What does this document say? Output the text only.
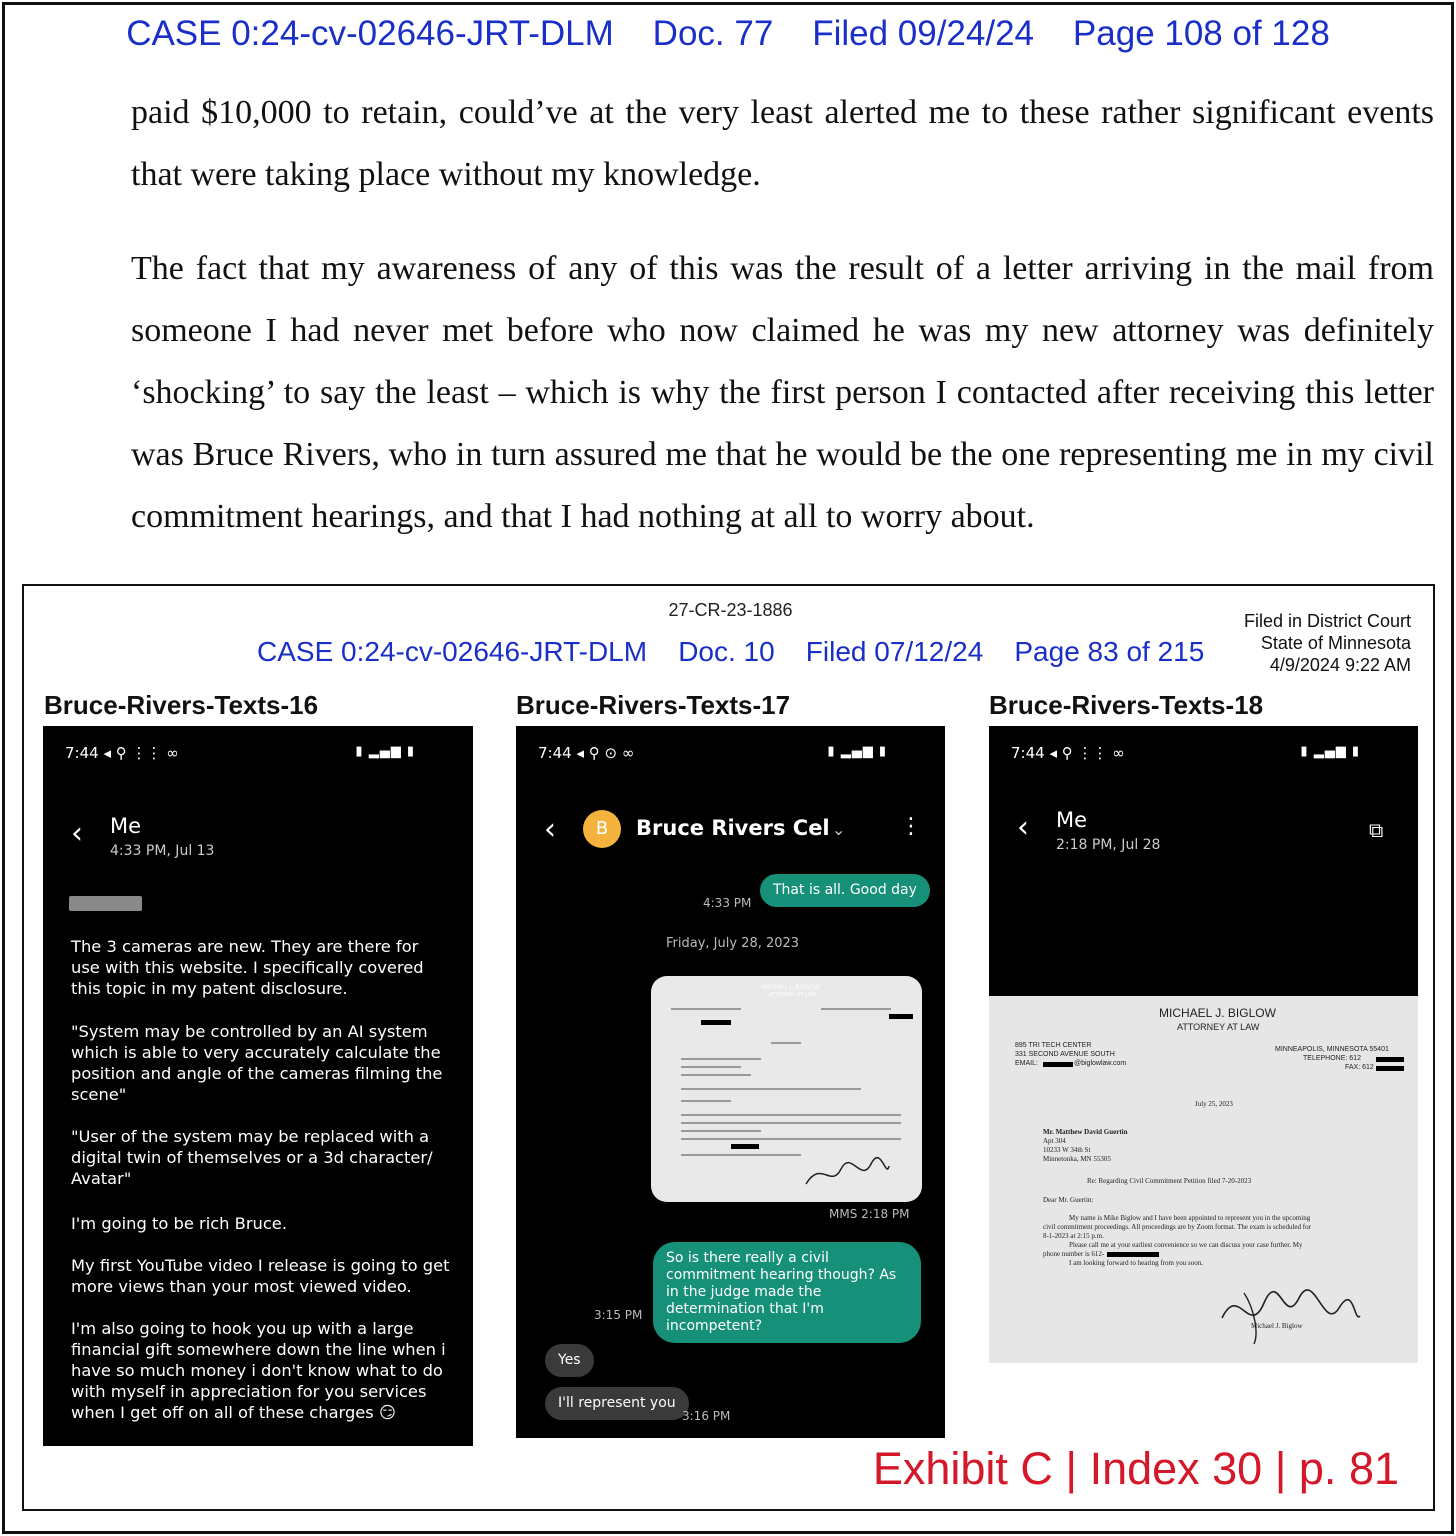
CASE 0:24-cv-02646-JRT-DLM    Doc. 77    Filed 09/24/24    Page 108 of 128

paid $10,000 to retain, could’ve at the very least alerted me to these rather significant events that were taking place without my knowledge.

The fact that my awareness of any of this was the result of a letter arriving in the mail from someone I had never met before who now claimed he was my new attorney was definitely ‘shocking’ to say the least – which is why the first person I contacted after receiving this letter was Bruce Rivers, who in turn assured me that he would be the one representing me in my civil commitment hearings, and that I had nothing at all to worry about.

27-CR-23-1886
CASE 0:24-cv-02646-JRT-DLM    Doc. 10    Filed 07/12/24    Page 83 of 215
Filed in District Court
State of Minnesota
4/9/2024 9:22 AM
Bruce-Rivers-Texts-16
7:44 ◂ ⚲ ⋮⋮ ∞	▮ ▂▄▆ ▮
‹ Me
4:33 PM, Jul 13
The 3 cameras are new. They are there for use with this website. I specifically covered this topic in my patent disclosure.
"System may be controlled by an AI system which is able to very accurately calculate the position and angle of the cameras filming the scene"
"User of the system may be replaced with a digital twin of themselves or a 3d character/ Avatar"
I'm going to be rich Bruce.
My first YouTube video I release is going to get more views than your most viewed video.
I'm also going to hook you up with a large financial gift somewhere down the line when i have so much money i don't know what to do with myself in appreciation for you services when I get off on all of these charges 😏
Bruce-Rivers-Texts-17
7:44 ◂ ⚲ ⊙ ∞	▮ ▂▄▆ ▮
‹	B	Bruce Rivers Cel ⌄ ⋮
That is all. Good day
4:33 PM
Friday, July 28, 2023
MICHAEL J. BIGLOW
ATTORNEY AT LAW
MMS 2:18 PM
So is there really a civil commitment hearing though? As in the judge made the determination that I'm incompetent?
3:15 PM
Yes
I'll represent you
3:16 PM
Bruce-Rivers-Texts-18
7:44 ◂ ⚲ ⋮⋮ ∞	▮ ▂▄▆ ▮
‹ Me
2:18 PM, Jul 28
⧉
MICHAEL J. BIGLOW
ATTORNEY AT LAW
895 TRI TECH CENTER
331 SECOND AVENUE SOUTH
EMAIL:	@biglowlaw.com
MINNEAPOLIS, MINNESOTA 55401
TELEPHONE: 612
FAX: 612
July 25, 2023
Mr. Matthew David Guertin
Apt 304
10233 W 34th St
Minnetonka, MN 55305
Re: Regarding Civil Commitment Petition filed 7-20-2023
Dear Mr. Guertin:
My name is Mike Biglow and I have been appointed to represent you in the upcoming
civil commitment proceedings. All proceedings are by Zoom format. The exam is scheduled for
8-1-2023 at 2:15 p.m.
Please call me at your earliest convenience so we can discuss your case further. My
phone number is 612-
I am looking forward to hearing from you soon.
Michael J. Biglow
Exhibit C | Index 30 | p. 81
